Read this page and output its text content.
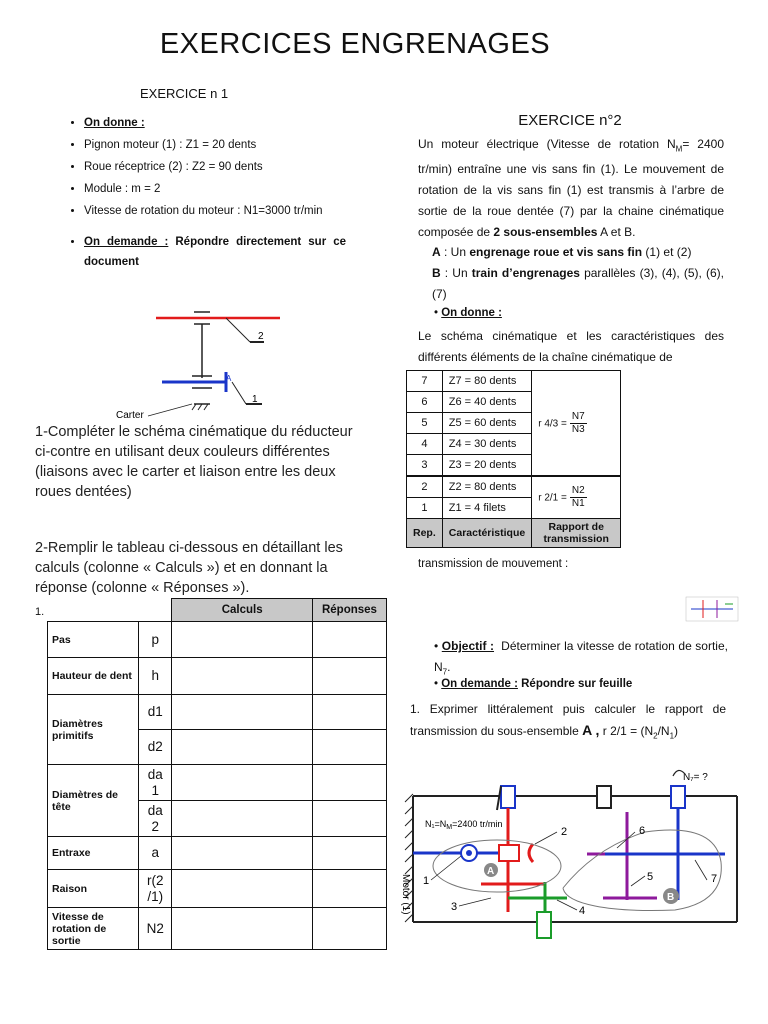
EXERCICES ENGRENAGES
EXERCICE n 1
• On donne :
• Pignon moteur (1) : Z1 = 20 dents
• Roue réceptrice (2) : Z2 = 90 dents
• Module : m = 2
• Vitesse de rotation du moteur : N1=3000 tr/min
• On demande : Répondre directement sur ce document
2
A
1
Carter
1-Compléter le schéma cinématique du réducteur ci-contre en utilisant deux couleurs différentes (liaisons avec le carter et liaison entre les deux roues dentées)
2-Remplir le tableau ci-dessous en détaillant les calculs (colonne « Calculs ») et en donnant la réponse (colonne « Réponses »).
1.
		Calculs	Réponses
Pas	p		
Hauteur de dent	h		
Diamètres primitifs	d1		
	d2		
Diamètres de tête	da 1		
	da 2		
Entraxe	a		
Raison	r(2 /1)		
Vitesse de rotation de sortie	N2		
EXERCICE n°2
Un moteur électrique (Vitesse de rotation $N_M= 2400$ tr/min) entraîne une vis sans fin (1). Le mouvement de rotation de la vis sans fin (1) est transmis à l’arbre de sortie de la roue dentée (7) par la chaine cinématique composée de 2 sous-ensembles A et B.
A : Un engrenage roue et vis sans fin (1) et (2)
B : Un train d’engrenages parallèles (3), (4), (5), (6), (7)
• On donne :
Le schéma cinématique et les caractéristiques des différents éléments de la chaîne cinématique de
7	Z7 = 80 dents	r $4/3 = \frac{N7}{N3}$
6	Z6 = 40 dents	
5	Z5 = 60 dents	
4	Z4 = 30 dents	
3	Z3 = 20 dents	
2	Z2 = 80 dents	r $2/1 = \frac{N2}{N1}$
1	Z1 = 4 filets	
Rep.	Caractéristique	Rapport de transmission
transmission de mouvement :
• Objectif : Déterminer la vitesse de rotation de sortie, $N_7$.
• On demande : Répondre sur feuille
1. Exprimer littéralement puis calculer le rapport de transmission du sous-ensemble A , r $2/1 = (N_2/N_1)$
Motor (1)
N₇= ?
$N_1=N_M=2400$ tr/min
1
2
3	4
5
6
7
A
B
